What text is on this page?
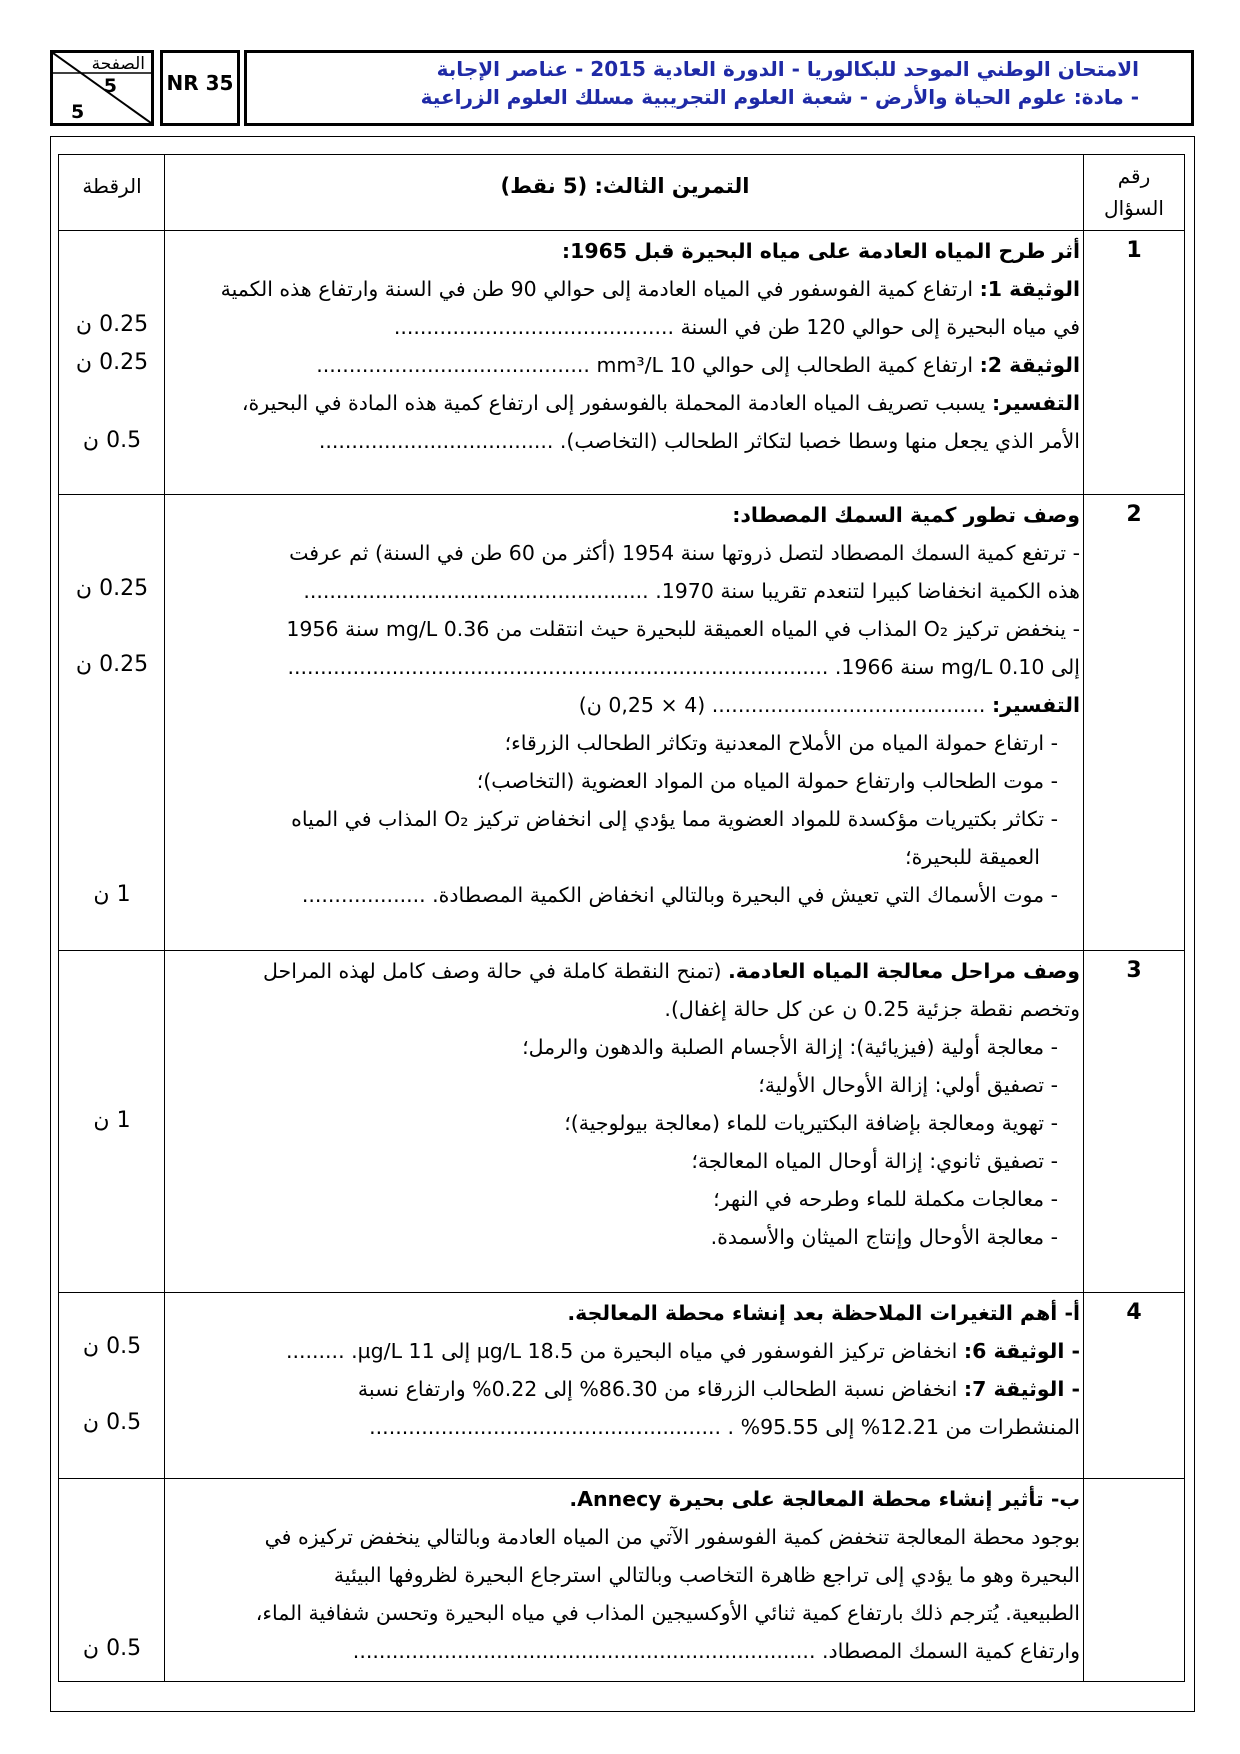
الصفحة
5
5
NR 35
الامتحان الوطني الموحد للبكالوريا - الدورة العادية 2015 - عناصر الإجابة
- مادة: علوم الحياة والأرض - شعبة العلوم التجريبية مسلك العلوم الزراعية
رقم السؤال
التمرين الثالث: (5 نقط)
الرقطة
1
أثر طرح المياه العادمة على مياه البحيرة قبل 1965:
الوثيقة 1: ارتفاع كمية الفوسفور في المياه العادمة إلى حوالي 90 طن في السنة وارتفاع هذه الكمية
في مياه البحيرة إلى حوالي 120 طن في السنة ...........................................
الوثيقة 2: ارتفاع كمية الطحالب إلى حوالي 10 mm³/L ..........................................
التفسير: يسبب تصريف المياه العادمة المحملة بالفوسفور إلى ارتفاع كمية هذه المادة في البحيرة،
الأمر الذي يجعل منها وسطا خصبا لتكاثر الطحالب (التخاصب). ....................................
0.25 ن
0.25 ن
0.5 ن
2
وصف تطور كمية السمك المصطاد:
- ترتفع كمية السمك المصطاد لتصل ذروتها سنة 1954 (أكثر من 60 طن في السنة) ثم عرفت
هذه الكمية انخفاضا كبيرا لتنعدم تقريبا سنة 1970. .....................................................
- ينخفض تركيز O₂ المذاب في المياه العميقة للبحيرة حيث انتقلت من 0.36 mg/L سنة 1956
إلى 0.10 mg/L سنة 1966. ...................................................................................
التفسير: .......................................... (4 × 0,25 ن)
- ارتفاع حمولة المياه من الأملاح المعدنية وتكاثر الطحالب الزرقاء؛
- موت الطحالب وارتفاع حمولة المياه من المواد العضوية (التخاصب)؛
- تكاثر بكتيريات مؤكسدة للمواد العضوية مما يؤدي إلى انخفاض تركيز O₂ المذاب في المياه
العميقة للبحيرة؛
- موت الأسماك التي تعيش في البحيرة وبالتالي انخفاض الكمية المصطادة. ...................
0.25 ن
0.25 ن
1 ن
3
وصف مراحل معالجة المياه العادمة. (تمنح النقطة كاملة في حالة وصف كامل لهذه المراحل
وتخصم نقطة جزئية 0.25 ن عن كل حالة إغفال).
- معالجة أولية (فيزيائية): إزالة الأجسام الصلبة والدهون والرمل؛
- تصفيق أولي: إزالة الأوحال الأولية؛
- تهوية ومعالجة بإضافة البكتيريات للماء (معالجة بيولوجية)؛
- تصفيق ثانوي: إزالة أوحال المياه المعالجة؛
- معالجات مكملة للماء وطرحه في النهر؛
- معالجة الأوحال وإنتاج الميثان والأسمدة.
1 ن
4
أ- أهم التغيرات الملاحظة بعد إنشاء محطة المعالجة.
- الوثيقة 6: انخفاض تركيز الفوسفور في مياه البحيرة من 18.5 µg/L إلى 11 µg/L. .........
- الوثيقة 7: انخفاض نسبة الطحالب الزرقاء من 86.30% إلى 0.22% وارتفاع نسبة
المنشطرات من 12.21% إلى 95.55% . ......................................................
0.5 ن
0.5 ن
ب- تأثير إنشاء محطة المعالجة على بحيرة Annecy.
بوجود محطة المعالجة تنخفض كمية الفوسفور الآتي من المياه العادمة وبالتالي ينخفض تركيزه في
البحيرة وهو ما يؤدي إلى تراجع ظاهرة التخاصب وبالتالي استرجاع البحيرة لظروفها البيئية
الطبيعية. يُترجم ذلك بارتفاع كمية ثنائي الأوكسيجين المذاب في مياه البحيرة وتحسن شفافية الماء،
وارتفاع كمية السمك المصطاد. .......................................................................
0.5 ن
